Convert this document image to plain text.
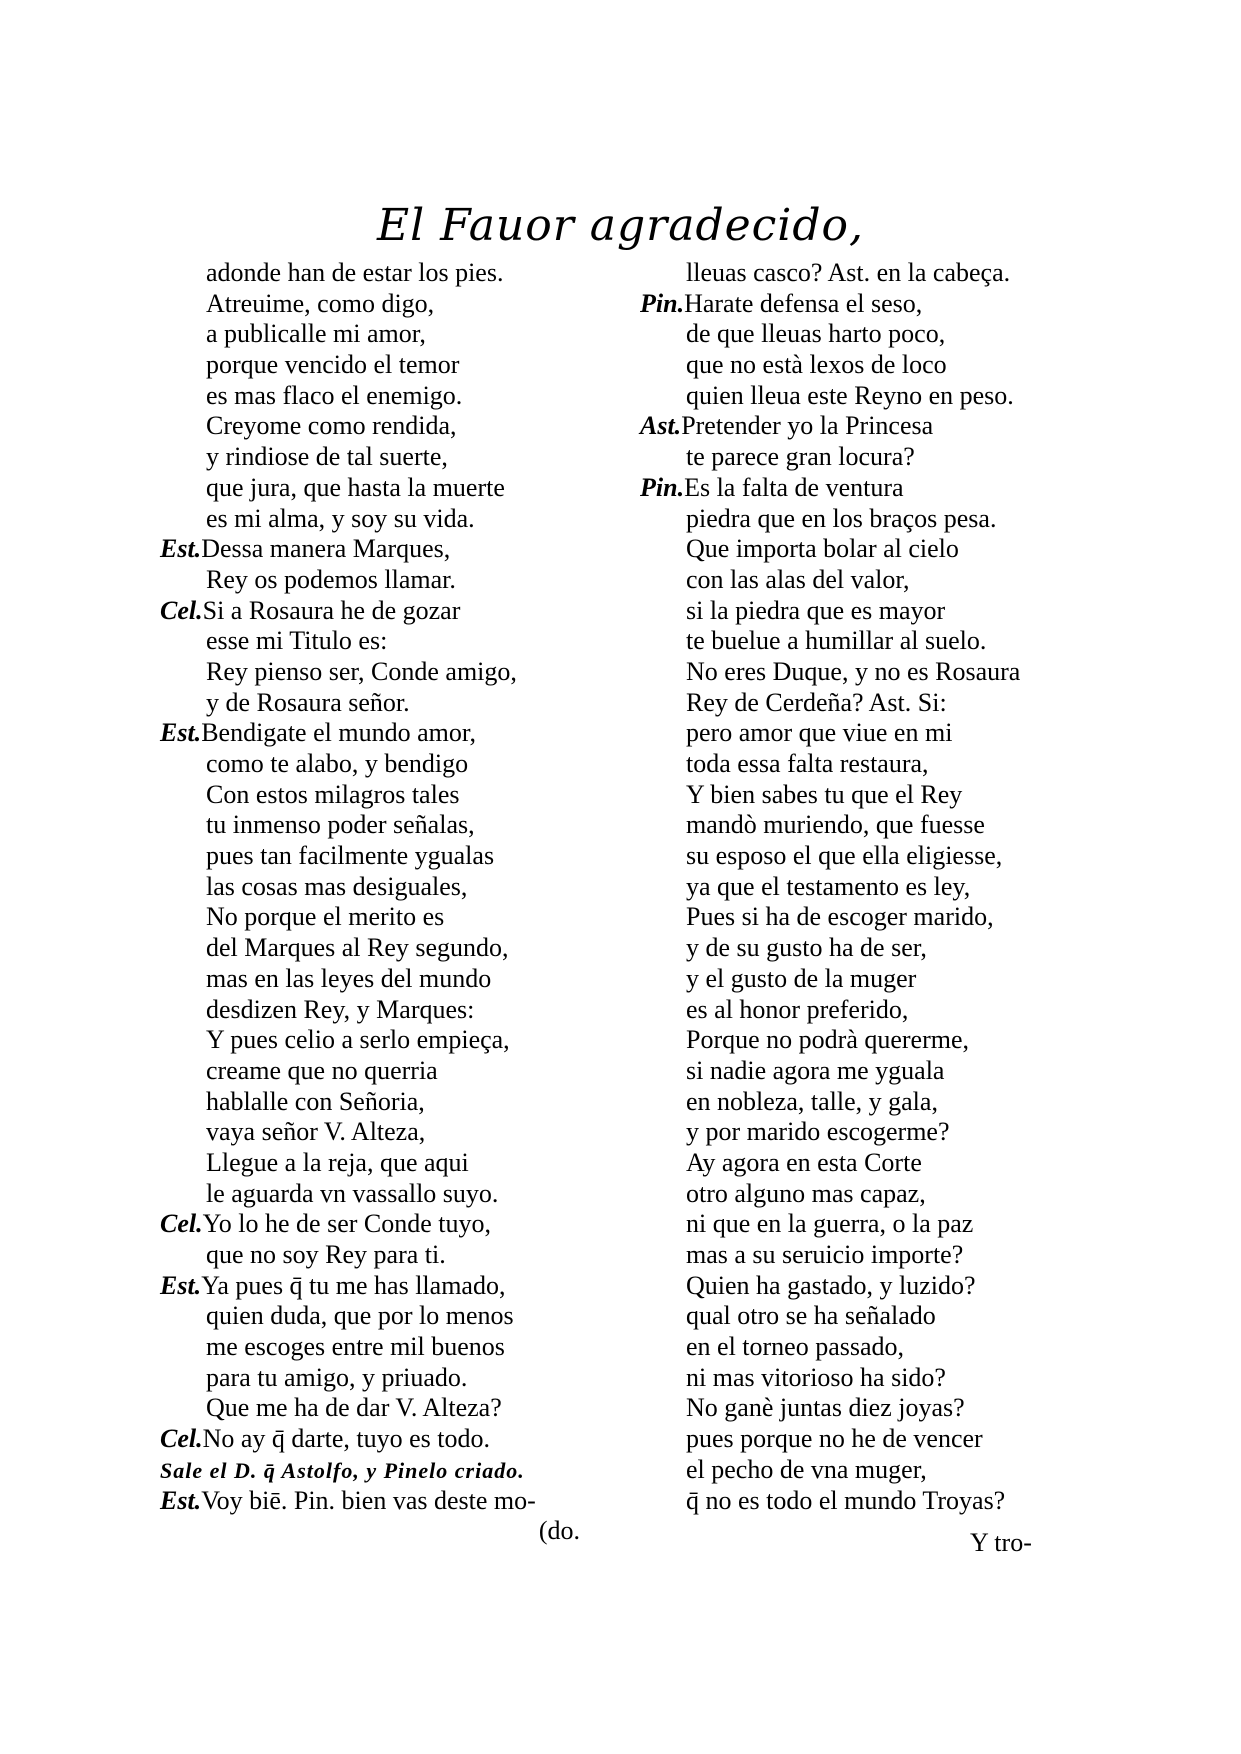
El Fauor agradecido,
adonde han de estar los pies.
Atreuime, como digo,
a publicalle mi amor,
porque vencido el temor
es mas flaco el enemigo.
Creyome como rendida,
y rindiose de tal suerte,
que jura, que hasta la muerte
es mi alma, y soy su vida.
Est.Dessa manera Marques,
Rey os podemos llamar.
Cel.Si a Rosaura he de gozar
esse mi Titulo es:
Rey pienso ser, Conde amigo,
y de Rosaura señor.
Est.Bendigate el mundo amor,
como te alabo, y bendigo
Con estos milagros tales
tu inmenso poder señalas,
pues tan facilmente ygualas
las cosas mas desiguales,
No porque el merito es
del Marques al Rey segundo,
mas en las leyes del mundo
desdizen Rey, y Marques:
Y pues celio a serlo empieça,
creame que no querria
hablalle con Señoria,
vaya señor V. Alteza,
Llegue a la reja, que aqui
le aguarda vn vassallo suyo.
Cel.Yo lo he de ser Conde tuyo,
que no soy Rey para ti.
Est.Ya pues q̄ tu me has llamado,
quien duda, que por lo menos
me escoges entre mil buenos
para tu amigo, y priuado.
Que me ha de dar V. Alteza?
Cel.No ay q̄ darte, tuyo es todo.
Sale el D. q̄ Astolfo, y Pinelo criado.
Est.Voy biē. Pin. bien vas deste mo-
(do.
lleuas casco? Ast. en la cabeça.
Pin.Harate defensa el seso,
de que lleuas harto poco,
que no està lexos de loco
quien lleua este Reyno en peso.
Ast.Pretender yo la Princesa
te parece gran locura?
Pin.Es la falta de ventura
piedra que en los braços pesa.
Que importa bolar al cielo
con las alas del valor,
si la piedra que es mayor
te buelue a humillar al suelo.
No eres Duque, y no es Rosaura
Rey de Cerdeña? Ast. Si:
pero amor que viue en mi
toda essa falta restaura,
Y bien sabes tu que el Rey
mandò muriendo, que fuesse
su esposo el que ella eligiesse,
ya que el testamento es ley,
Pues si ha de escoger marido,
y de su gusto ha de ser,
y el gusto de la muger
es al honor preferido,
Porque no podrà quererme,
si nadie agora me yguala
en nobleza, talle, y gala,
y por marido escogerme?
Ay agora en esta Corte
otro alguno mas capaz,
ni que en la guerra, o la paz
mas a su seruicio importe?
Quien ha gastado, y luzido?
qual otro se ha señalado
en el torneo passado,
ni mas vitorioso ha sido?
No ganè juntas diez joyas?
pues porque no he de vencer
el pecho de vna muger,
q̄ no es todo el mundo Troyas?
Y tro-
